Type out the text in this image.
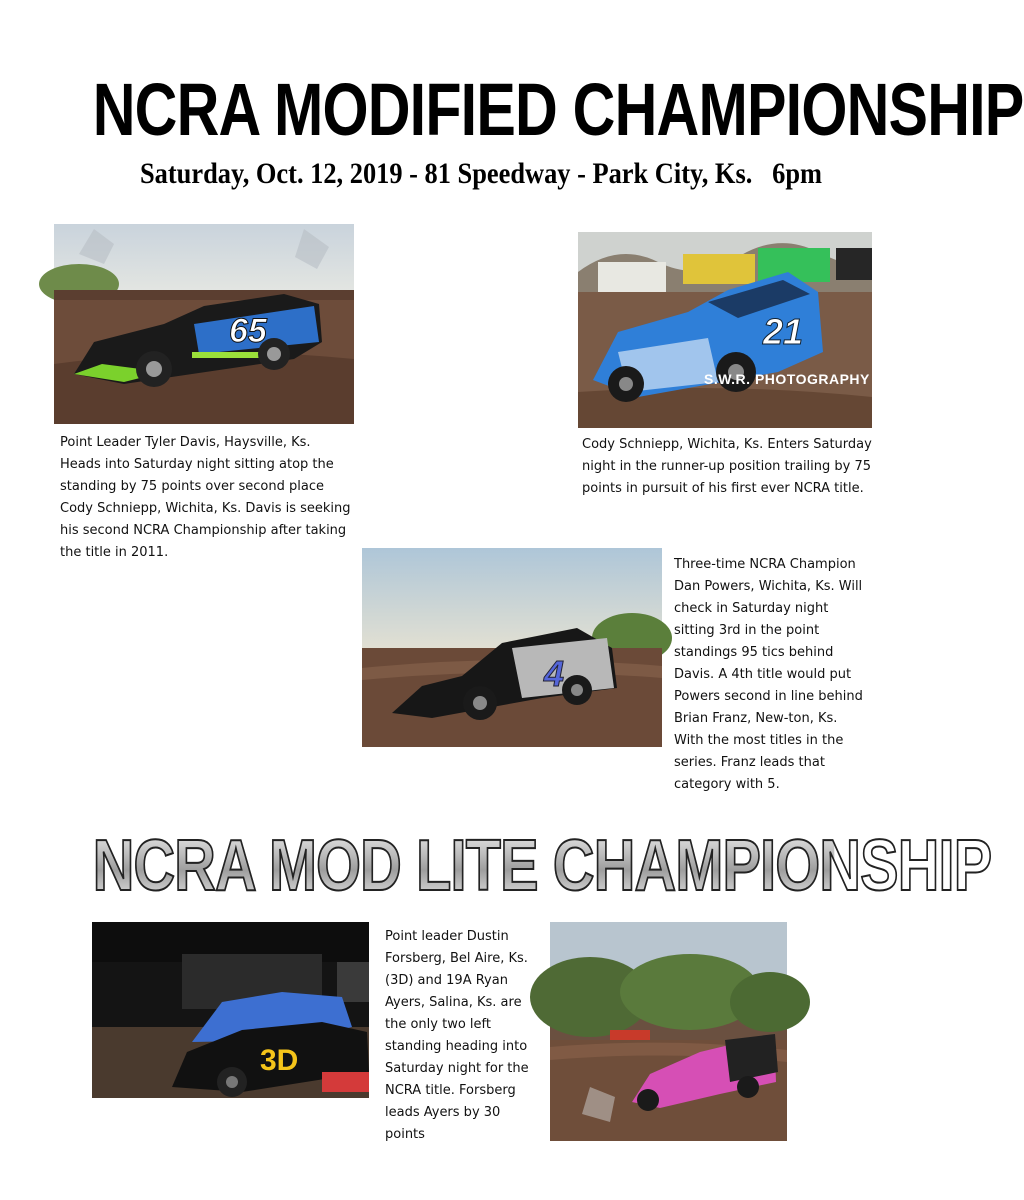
NCRA MODIFIED CHAMPIONSHIP
Saturday, Oct. 12, 2019 - 81 Speedway - Park City, Ks.   6pm
65
Point Leader Tyler Davis, Haysville, Ks. Heads into Saturday night sitting atop the standing by 75 points over second place Cody Schniepp, Wichita, Ks. Davis is seeking his second NCRA Championship after taking the title in 2011.
21
S.W.R. PHOTOGRAPHY
Cody Schniepp, Wichita, Ks. Enters Saturday night in the runner-up position trailing by 75 points in pursuit of his first ever NCRA title.
4
Three-time NCRA Champion Dan Powers, Wichita, Ks. Will check in Saturday night sitting 3rd in the point standings 95 tics behind Davis. A 4th title would put Powers second in line behind Brian Franz, New-ton, Ks. With the most titles in the series. Franz leads that category with 5.
NCRA MOD LITE CHAMPIONSHIP
3D
Point leader Dustin Forsberg, Bel Aire, Ks. (3D) and 19A Ryan Ayers, Salina, Ks. are the only two left standing heading into Saturday night for the NCRA title. Forsberg leads Ayers by 30 points
